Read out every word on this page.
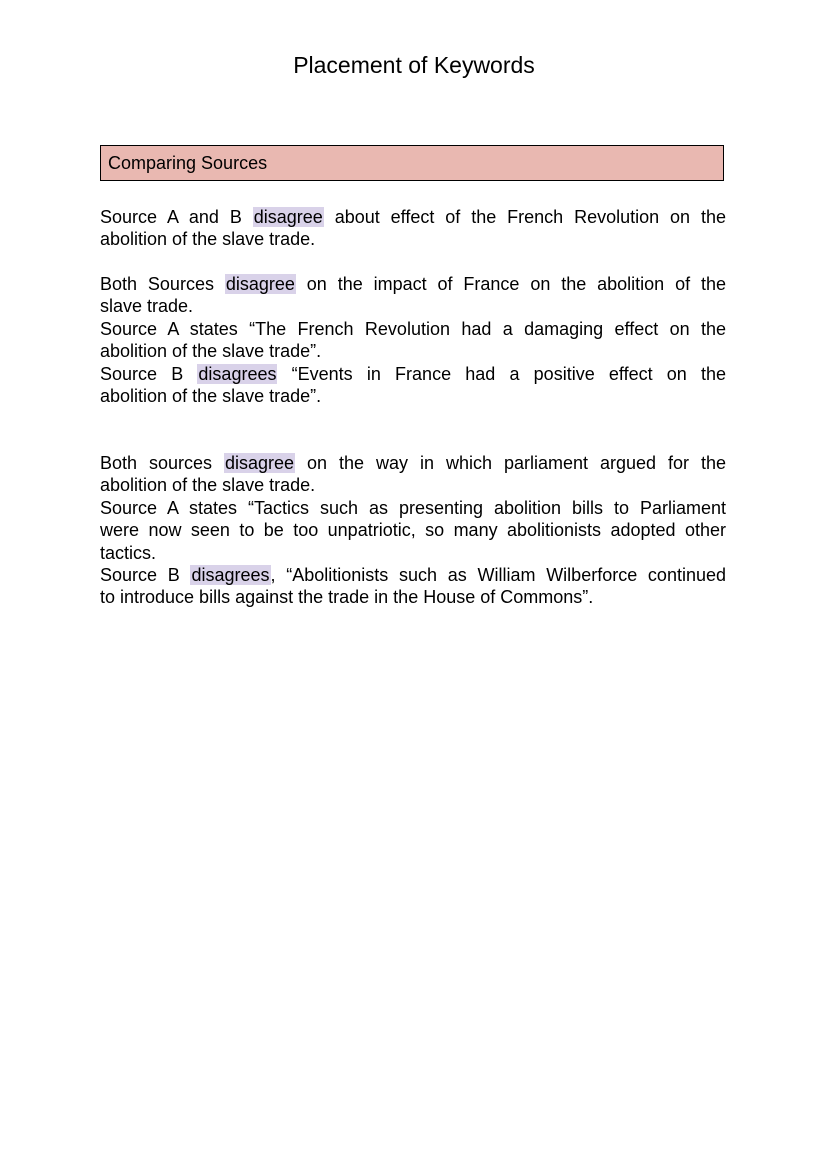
Placement of Keywords
Comparing Sources

Source A and B disagree about effect of the French Revolution on the
abolition of the slave trade.

Both Sources disagree on the impact of France on the abolition of the
slave trade.
Source A states “The French Revolution had a damaging effect on the
abolition of the slave trade”.
Source B disagrees “Events in France had a positive effect on the
abolition of the slave trade”.

Both sources disagree on the way in which parliament argued for the
abolition of the slave trade.
Source A states “Tactics such as presenting abolition bills to Parliament
were now seen to be too unpatriotic, so many abolitionists adopted other
tactics.
Source B disagrees, “Abolitionists such as William Wilberforce continued
to introduce bills against the trade in the House of Commons”.
